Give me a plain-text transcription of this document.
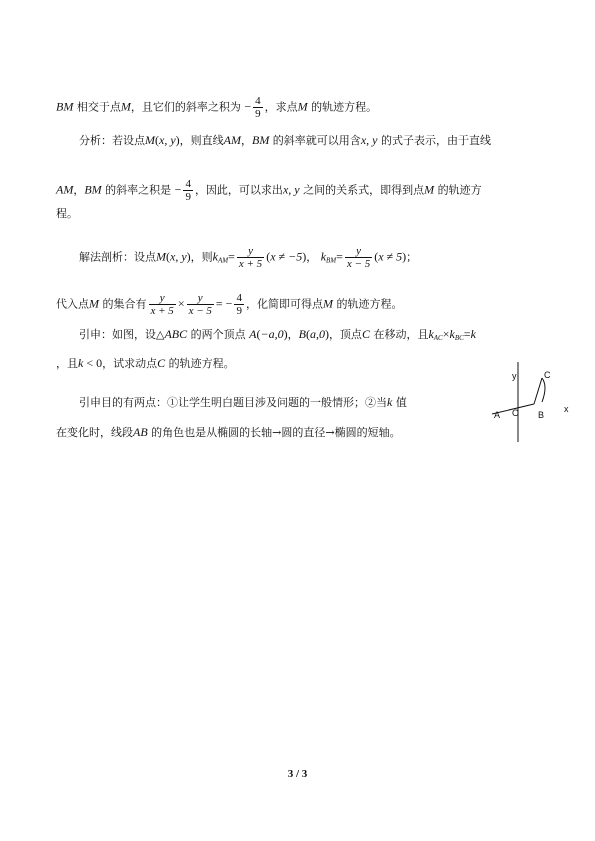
BM 相交于点M，且它们的斜率之积为 − $\frac{4}{9}$ ，求点M 的轨迹方程。
分析：若设点M(x, y)，则直线AM，BM 的斜率就可以用含x, y 的式子表示，由于直线
AM，BM 的斜率之积是 − $\frac{4}{9}$ ，因此，可以求出x, y 之间的关系式，即得到点M 的轨迹方
程。
解法剖析：设点M(x, y)，则$k_{AM}= \frac{y}{x + 5} (x \ne -5)$， $k_{BM}= \frac{y}{x - 5} (x \ne 5)$；
代入点M 的集合有 $\frac{y}{x + 5} \times \frac{y}{x - 5}$ = − $\frac{4}{9}$ ，化简即可得点M 的轨迹方程。
引申：如图，设△ABC 的两个顶点 A(−a,0)，B(a,0)，顶点C 在移动，且$k_{AC}\times k_{BC}=k$
，且k < 0，试求动点C 的轨迹方程。
引申目的有两点：①让学生明白题目涉及问题的一般情形；②当k 值
在变化时，线段AB 的角色也是从椭圆的长轴→圆的直径→椭圆的短轴。
y	C
A O B
x
3 / 3
